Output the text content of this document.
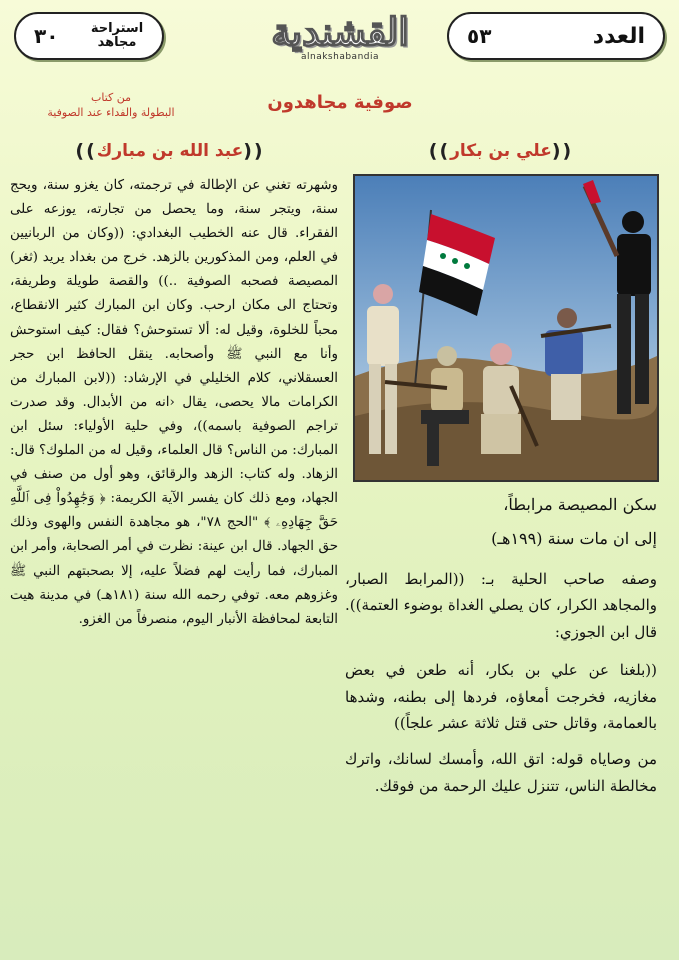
العدد
٥٣
القشندية
alnakshabandia
استراحة
مجاهد
٣٠
من كتاب
البطولة والفداء عند الصوفية	صوفية مجاهدون
((
علي بن بكار
))
((
عبد الله بن مبارك
))
سكن المصيصة مرابطاً،
إلى ان مات سنة (١٩٩هـ)

وصفه صاحب الحلية بـ: ((المرابط الصبار، والمجاهد الكرار، كان يصلي الغداة بوضوء العتمة)). قال ابن الجوزي:

((بلغنا عن علي بن بكار، أنه طعن في بعض مغازيه، فخرجت أمعاؤه، فردها إلى بطنه، وشدها بالعمامة، وقاتل حتى قتل ثلاثة عشر علجاً))

من وصاياه قوله: اتق الله، وأمسك لسانك، واترك مخالطة الناس، تتنزل عليك الرحمة من فوقك.

وشهرته تغني عن الإطالة في ترجمته، كان يغزو سنة، ويحج سنة، ويتجر سنة، وما يحصل من تجارته، يوزعه على الفقراء. قال عنه الخطيب البغدادي: ((وكان من الربانيين في العلم، ومن المذكورين بالزهد. خرج من بغداد يريد (ثغر) المصيصة فصحبه الصوفية ..)) والقصة طويلة وطريفة، وتحتاج الى مكان ارحب. وكان ابن المبارك كثير الانقطاع، محباً للخلوة، وقيل له: ألا تستوحش؟ فقال: كيف استوحش وأنا مع النبي ﷺ وأصحابه. ينقل الحافظ ابن حجر العسقلاني، كلام الخليلي في الإرشاد: ((لابن المبارك من الكرامات مالا يحصى، يقال ‹انه من الأبدال. وقد صدرت تراجم الصوفية باسمه))، وفي حلية الأولياء: سئل ابن المبارك: من الناس؟ قال العلماء، وقيل له من الملوك؟ قال: الزهاد. وله كتاب: الزهد والرقائق، وهو أول من صنف في الجهاد، ومع ذلك كان يفسر الآية الكريمة: ﴿ وَجَٰهِدُواْ فِى ٱللَّهِ حَقَّ جِهَادِهِۦ ﴾ "الحج ٧٨"، هو مجاهدة النفس والهوى وذلك حق الجهاد. قال ابن عينة: نظرت في أمر الصحابة، وأمر ابن المبارك، فما رأيت لهم فضلاً عليه، إلا بصحبتهم النبي ﷺ وغزوهم معه. توفي رحمه الله سنة (١٨١هـ) في مدينة هيت التابعة لمحافظة الأنبار اليوم، منصرفاً من الغزو.
